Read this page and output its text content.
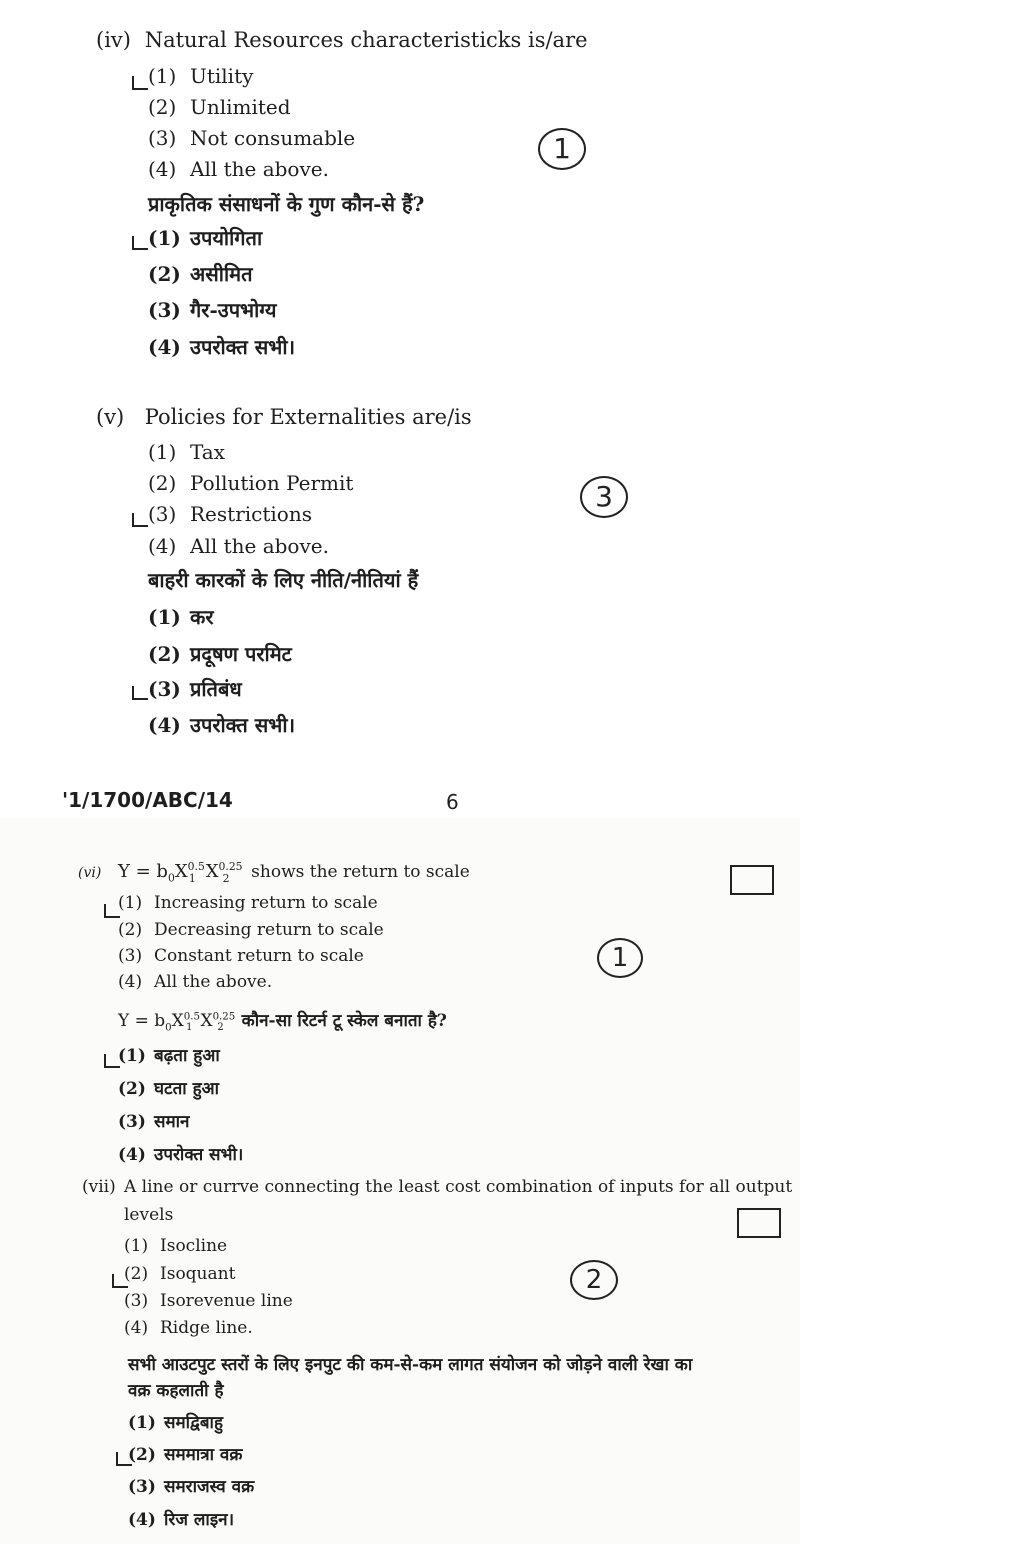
(iv) Natural Resources characteristicks is/are
(1) Utility
(2) Unlimited
(3) Not consumable
(4) All the above.
1
प्राकृतिक संसाधनों के गुण कौन-से हैं?
(1) उपयोगिता
(2) असीमित
(3) गैर-उपभोग्य
(4) उपरोक्त सभी।
(v) Policies for Externalities are/is
(1) Tax
(2) Pollution Permit
(3) Restrictions
(4) All the above.
3
बाहरी कारकों के लिए नीति/नीतियां हैं
(1) कर
(2) प्रदूषण परमिट
(3) प्रतिबंध
(4) उपरोक्त सभी।
'1/1700/ABC/14	6
(vi) $Y = b_0X^{0.5}_1$ $X^{0.25}_2$ shows the return to scale
(1) Increasing return to scale
(2) Decreasing return to scale
(3) Constant return to scale
(4) All the above.
1
$Y = b_0X^{0.5}_1$ $X^{0.25}_2$ कौन-सा रिटर्न टू स्केल बनाता है?
(1) बढ़ता हुआ
(2) घटता हुआ
(3) समान
(4) उपरोक्त सभी।
(vii) A line or currve connecting the least cost combination of inputs for all output
levels
(1) Isocline
(2) Isoquant
(3) Isorevenue line
(4) Ridge line.
2
सभी आउटपुट स्तरों के लिए इनपुट की कम-से-कम लागत संयोजन को जोड़ने वाली रेखा का
वक्र कहलाती है
(1) समद्विबाहु
(2) सममात्रा वक्र
(3) समराजस्व वक्र
(4) रिज लाइन।
